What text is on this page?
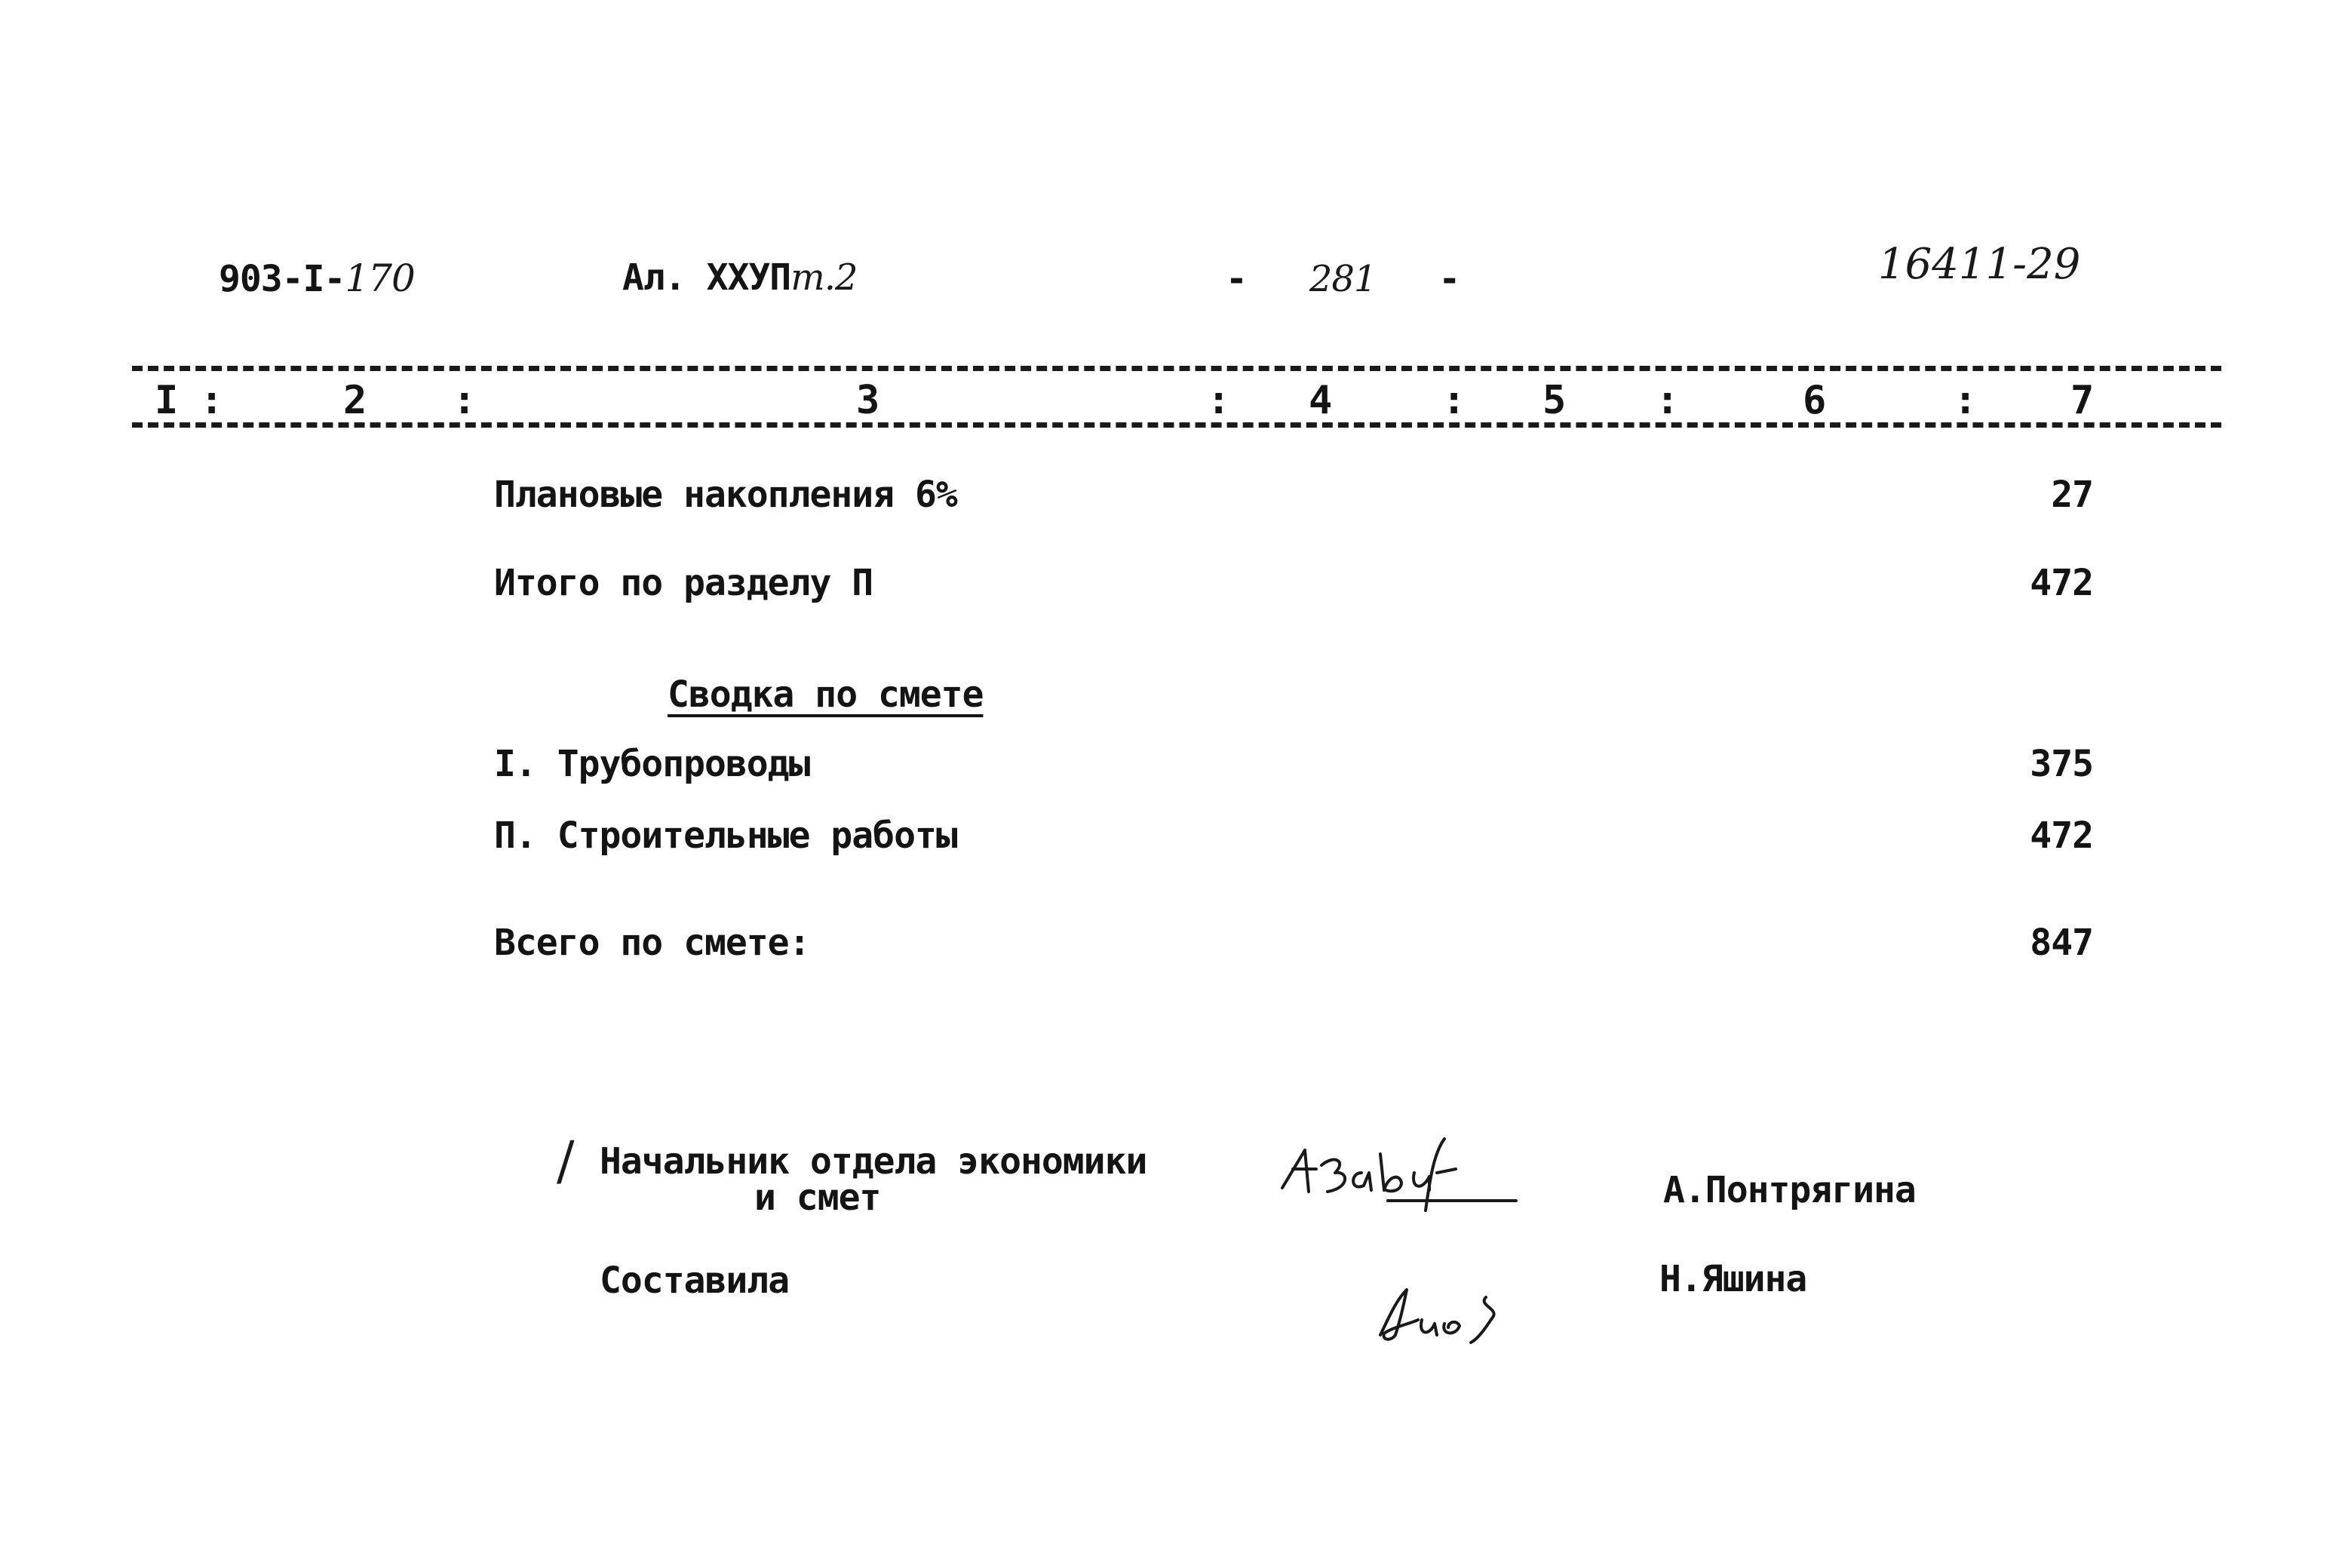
903-I-170	Ал. ХХУПт.2	- 281 -	16411-29
I :	2 :	3	: 4	: 5 :	6	: 7
Плановые накопления 6%	27
Итого по разделу П	472
Сводка по смете
I. Трубопроводы	375
П. Строительные работы	472
Всего по смете:	847
/ Начальник отдела экономики
и смет	А.Понтрягина
Составила	Н.Яшина
